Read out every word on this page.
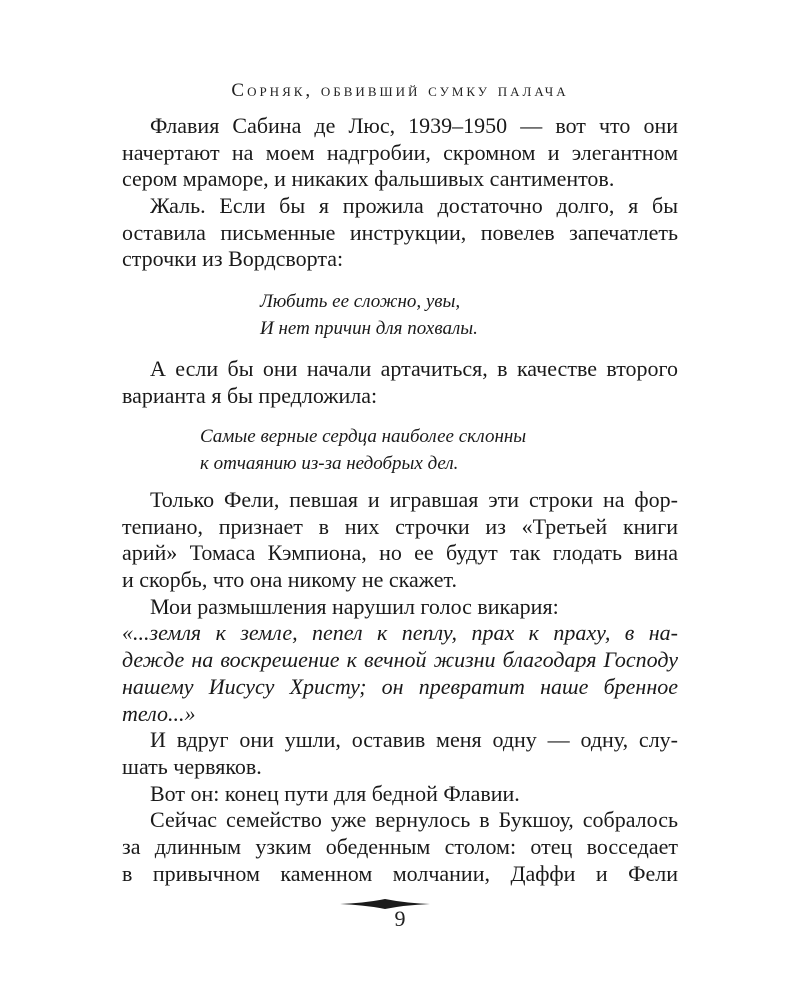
Сорняк, обвивший сумку палача
Флавия Сабина де Люс, 1939–1950 — вот что они
начертают на моем надгробии, скромном и элегантном
сером мраморе, и никаких фальшивых сантиментов.
Жаль. Если бы я прожила достаточно долго, я бы
оставила письменные инструкции, повелев запечатлеть
строчки из Вордсворта:
Любить ее сложно, увы,
И нет причин для похвалы.
А если бы они начали артачиться, в качестве второго
варианта я бы предложила:
Самые верные сердца наиболее склонны
к отчаянию из-за недобрых дел.
Только Фели, певшая и игравшая эти строки на фор-
тепиано, признает в них строчки из «Третьей книги
арий» Томаса Кэмпиона, но ее будут так глодать вина
и скорбь, что она никому не скажет.
Мои размышления нарушил голос викария:
«...земля к земле, пепел к пеплу, прах к праху, в на-
дежде на воскрешение к вечной жизни благодаря Господу
нашему Иисусу Христу; он превратит наше бренное
тело...»
И вдруг они ушли, оставив меня одну — одну, слу-
шать червяков.
Вот он: конец пути для бедной Флавии.
Сейчас семейство уже вернулось в Букшоу, собралось
за длинным узким обеденным столом: отец восседает
в привычном каменном молчании, Даффи и Фели
9
